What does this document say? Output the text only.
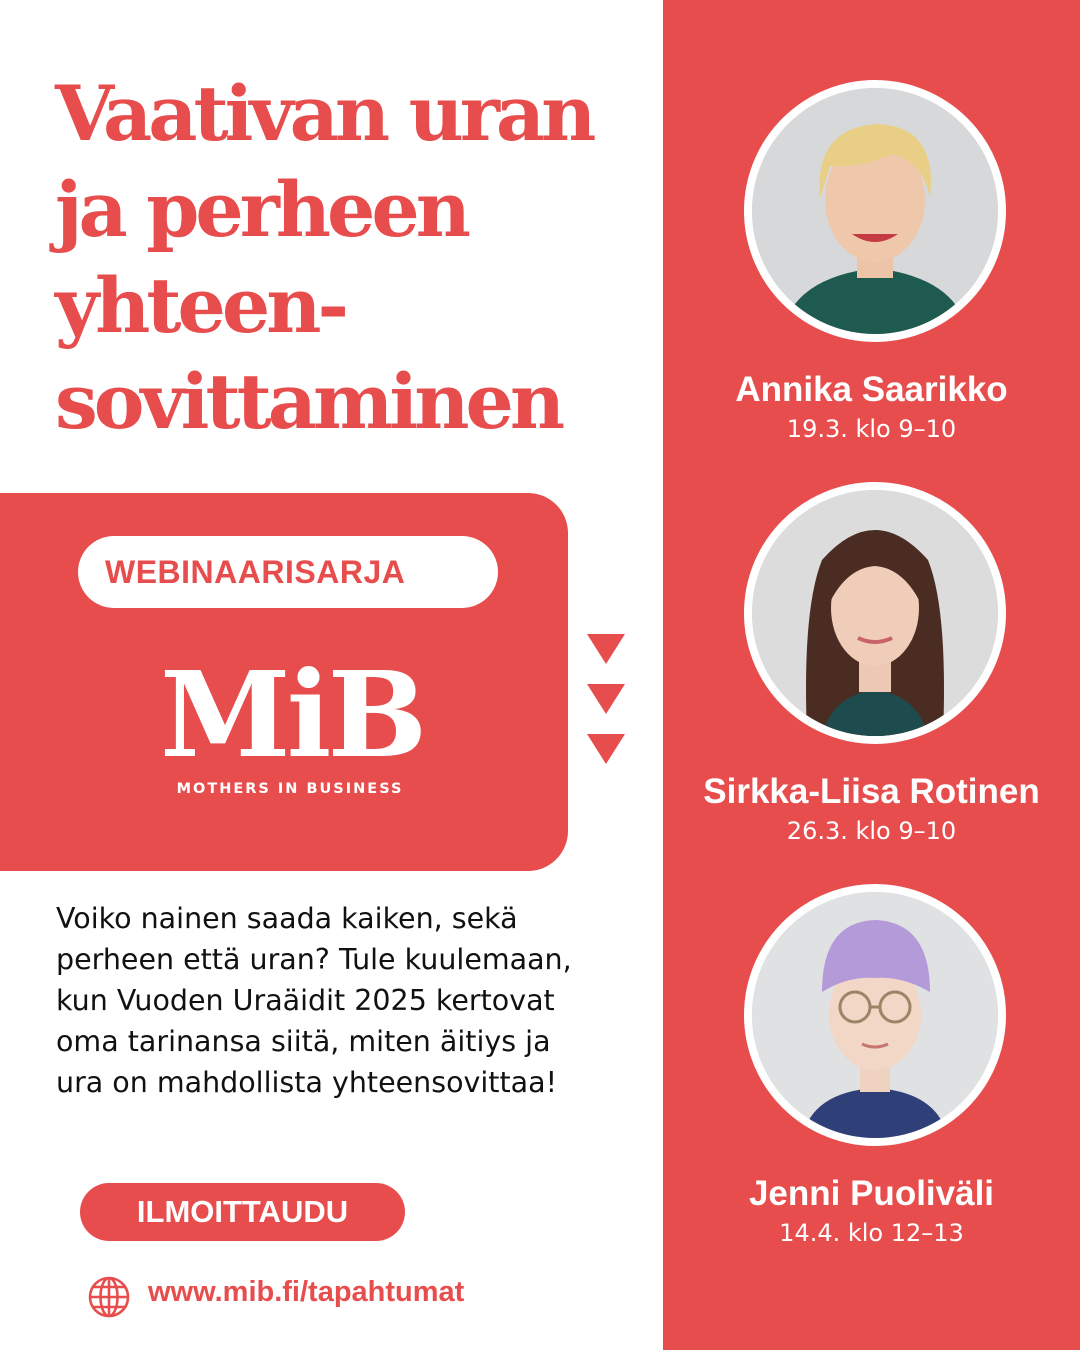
Vaativan uran
ja perheen
yhteen-
sovittaminen
WEBINAARISARJA
MiB
MOTHERS IN BUSINESS

Voiko nainen saada kaiken, sekä perheen että uran? Tule kuulemaan, kun Vuoden Uraäidit 2025 kertovat oma tarinansa siitä, miten äitiys ja ura on mahdollista yhteensovittaa!

ILMOITTAUDU
www.mib.fi/tapahtumat
Annika Saarikko
19.3. klo 9–10
Sirkka-Liisa Rotinen
26.3. klo 9–10
Jenni Puoliväli
14.4. klo 12–13
